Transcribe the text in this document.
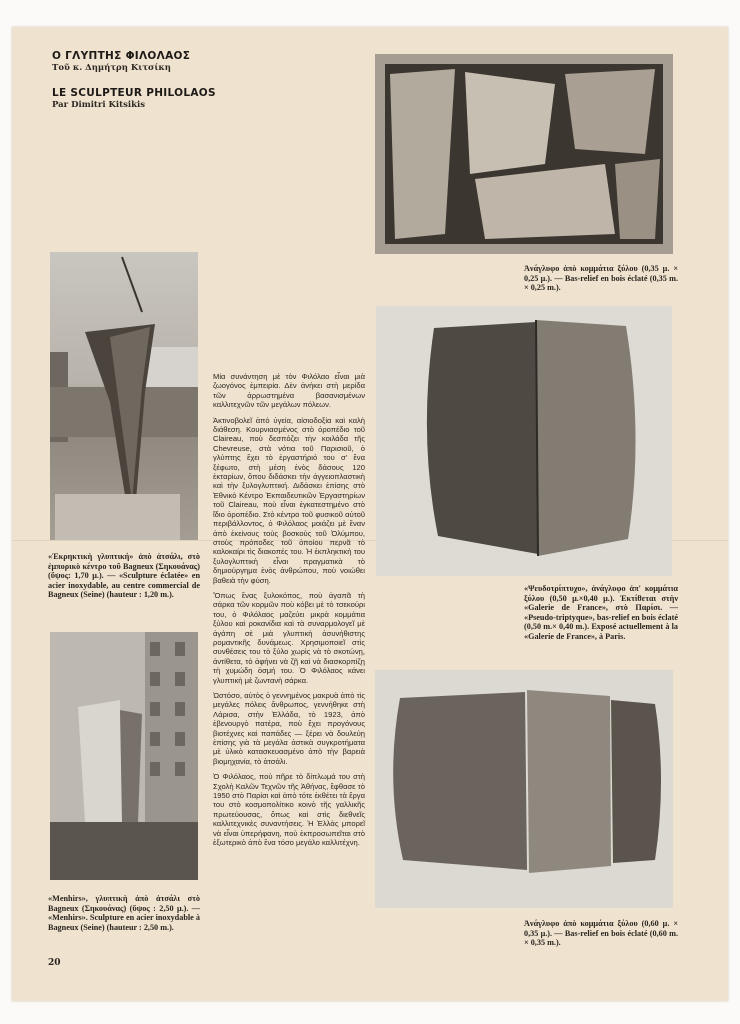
Ο ΓΛΥΠΤΗΣ ΦΙΛΟΛΑΟΣ
Τοῦ κ. Δημήτρη Κιτσίκη
LE SCULPTEUR PHILOLAOS
Par Dimitri Kitsikis
«Ἐκρηκτικὴ γλυπτική» ἀπὸ ἀτσάλι, στὸ ἐμπορικὸ κέντρο τοῦ Bagneux (Σηκουάνας) (ὕψος: 1,70 μ.). — «Sculpture éclatée» en acier inoxydable, au centre commercial de Bagneux (Seine) (hauteur : 1,20 m.).
«Menhirs», γλυπτικὴ ἀπὸ ἀτσάλι στὸ Bagneux (Σηκουάνας) (ὕψος : 2,50 μ.). — «Menhirs». Sculpture en acier inoxydable à Bagneux (Seine) (hauteur : 2,50 m.).

Μία συνάντηση μὲ τὸν Φιλόλαο εἶναι μιὰ ζωογόνος ἐμπειρία. Δὲν ἀνήκει στὴ μερίδα τῶν ἀρρωστημένα βασανισμένων καλλιτεχνῶν τῶν μεγάλων πόλεων.

Ἀκτινοβολεῖ ἀπὸ ὑγεία, αἰσιοδοξία καὶ καλὴ διάθεση. Κουρνιασμένος στὸ ὀροπέδιο τοῦ Claireau, ποὺ δεσπόζει τὴν κοιλάδα τῆς Chevreuse, στὰ νότια τοῦ Παρισιοῦ, ὁ γλύπτης ἔχει τὸ ἐργαστήριό του σ' ἕνα ξέφωτο, στὴ μέση ἑνὸς δάσους 120 ἑκταρίων, ὅπου διδάσκει τὴν ἀγγειοπλαστικὴ καὶ τὴν ξυλογλυπτική. Διδάσκει ἐπίσης στὸ Ἐθνικὸ Κέντρο Ἐκπαιδευτικῶν Ἐργαστηρίων τοῦ Claireau, ποὺ εἶναι ἐγκατεστημένο στὸ ἴδιο ὀροπέδιο. Στὸ κέντρο τοῦ φυσικοῦ αὐτοῦ περιβάλλοντος, ὁ Φιλόλαος μοιάζει μὲ ἕναν ἀπὸ ἐκείνους τοὺς βοσκοὺς τοῦ Ὀλύμπου, στοὺς πρόποδες τοῦ ὁποίου περνᾶ τὸ καλοκαίρι τὶς διακοπές του. Ἡ ἐκπληκτική του ξυλογλυπτικὴ εἶναι πραγματικὰ τὸ δημιούργημα ἑνὸς ἀνθρώπου, ποὺ νοιώθει βαθειὰ τὴν φύση.

Ὅπως ἕνας ξυλοκόπος, ποὺ ἀγαπᾶ τὴ σάρκα τῶν κορμῶν ποὺ κόβει μὲ τὸ τσεκούρι του, ὁ Φιλόλαος μαζεύει μικρὰ κομμάτια ξύλου καὶ ροκανίδια καὶ τὰ συναρμολογεῖ μὲ ἀγάπη σὲ μιὰ γλυπτικὴ ἀσυνήθιστης ρομαντικῆς δυνάμεως. Χρησιμοποιεῖ στὶς συνθέσεις του τὸ ξύλο χωρὶς νὰ τὸ σκοτώνῃ, ἀντίθετα, τὸ ἀφήνει νὰ ζῇ καὶ νὰ διασκορπίζῃ τὴ χυμώδη ὀσμή του. Ὁ Φιλόλαος κάνει γλυπτικὴ μὲ ζωντανὴ σάρκα.

Ὡστόσο, αὐτὸς ὁ γεννημένος μακρυὰ ἀπὸ τὶς μεγάλες πόλεις ἄνθρωπος, γεννήθηκε στὴ Λάρισα, στὴν Ἑλλάδα, τὸ 1923, ἀπὸ ἐβενουργὸ πατέρα, ποὺ ἔχει προγόνους βιοτέχνες καὶ παπάδες — ξέρει νὰ δουλεύῃ ἐπίσης γιὰ τὰ μεγάλα ἀστικὰ συγκροτήματα μὲ ὑλικὸ κατασκευασμένο ἀπὸ τὴν βαρειὰ βιομηχανία, τὸ ἀτσάλι.

Ὁ Φιλόλαος, ποὺ πῆρε τὸ δίπλωμά του στὴ Σχολὴ Καλῶν Τεχνῶν τῆς Ἀθήνας, ἔφθασε τὸ 1950 στὸ Παρίσι καὶ ἀπὸ τότε ἐκθέτει τὰ ἔργα του στὸ κοσμοπολίτικο κοινὸ τῆς γαλλικῆς πρωτεύουσας, ὅπως καὶ στὶς διεθνεῖς καλλιτεχνικὲς συναντήσεις. Ἡ Ἑλλὰς μπορεῖ νὰ εἶναι ὑπερήφανη, ποὺ ἐκπροσωπεῖται στὸ ἐξωτερικὸ ἀπὸ ἕνα τόσο μεγάλο καλλιτέχνη.

Ἀνάγλυφο ἀπὸ κομμάτια ξύλου (0,35 μ. × 0,25 μ.). — Bas-relief en bois éclaté (0,35 m. × 0,25 m.).
«Ψευδοτρίπτυχο», ἀνάγλυφο ἀπ' κομμάτια ξύλου (0,50 μ.×0,40 μ.). Ἐκτίθεται στὴν «Galerie de France», στὸ Παρίσι. — «Pseudo-triptyque», bas-relief en bois éclaté (0,50 m.× 0,40 m.). Exposé actuellement à la «Galerie de France», à Paris.
Ἀνάγλυφο ἀπὸ κομμάτια ξύλου (0,60 μ. × 0,35 μ.). — Bas-relief en bois éclaté (0,60 m. × 0,35 m.).
20
